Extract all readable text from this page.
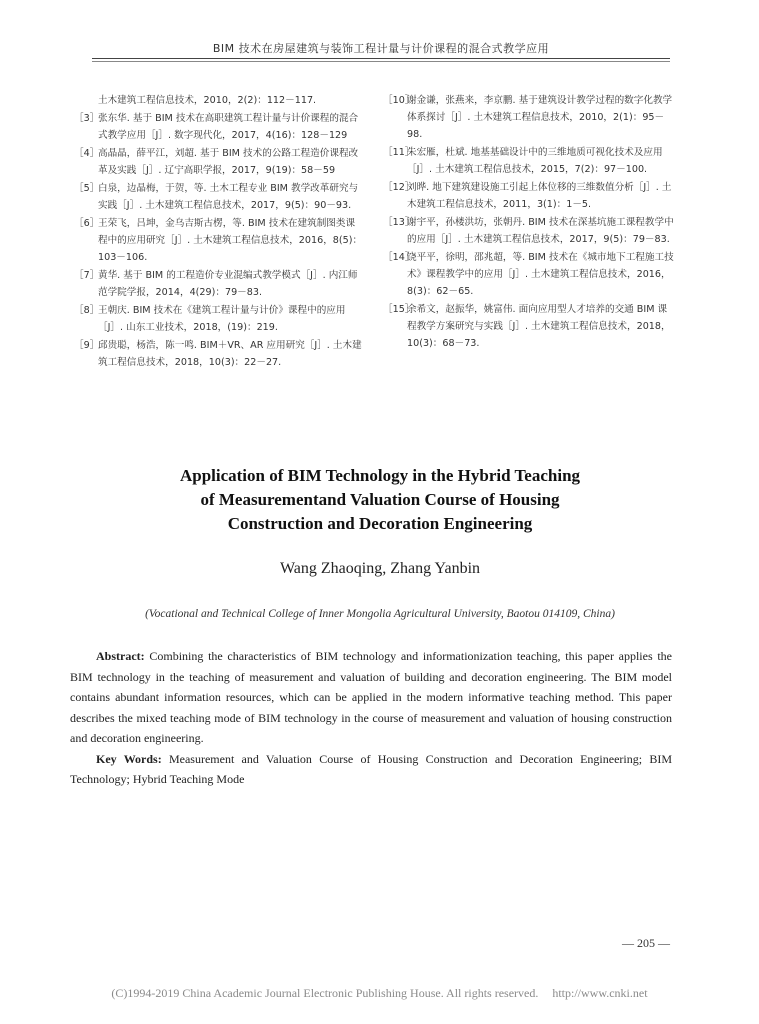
BIM 技术在房屋建筑与装饰工程计量与计价课程的混合式教学应用
土木建筑工程信息技术，2010，2(2)：112－117.
［3］
张东华. 基于 BIM 技术在高职建筑工程计量与计价课程的混合式教学应用［J］. 数字现代化，2017，4(16)：128－129
［4］
高晶晶，薛平江，刘超. 基于 BIM 技术的公路工程造价课程改革及实践［J］. 辽宁高职学报，2017，9(19)：58－59
［5］
白泉，边晶梅，于贺，等. 土木工程专业 BIM 教学改革研究与实践［J］. 土木建筑工程信息技术，2017，9(5)：90－93.
［6］
王荣飞，吕坤，金乌吉斯古楞，等. BIM 技术在建筑制图类课程中的应用研究［J］. 土木建筑工程信息技术，2016，8(5)：103－106.
［7］
黄华. 基于 BIM 的工程造价专业混编式教学模式［J］. 内江师范学院学报，2014，4(29)：79－83.
［8］
王朝庆. BIM 技术在《建筑工程计量与计价》课程中的应用［J］. 山东工业技术，2018，(19)：219.
［9］
邱贵聪，杨浩，陈一鸣. BIM＋VR、AR 应用研究［J］. 土木建筑工程信息技术，2018，10(3)：22－27.
［10］
谢金谦，张燕来，李京鹏. 基于建筑设计教学过程的数字化教学体系探讨［J］. 土木建筑工程信息技术，2010，2(1)：95－98.
［11］
朱宏雁，杜斌. 地基基础设计中的三维地质可视化技术及应用［J］. 土木建筑工程信息技术，2015，7(2)：97－100.
［12］
刘晔. 地下建筑建设施工引起上体位移的三维数值分析［J］. 土木建筑工程信息技术，2011，3(1)：1－5.
［13］
谢宇平，孙楼洪坊，张朝丹. BIM 技术在深基坑施工课程教学中的应用［J］. 土木建筑工程信息技术，2017，9(5)：79－83.
［14］
饶平平，徐明，邵兆超，等. BIM 技术在《城市地下工程施工技术》课程教学中的应用［J］. 土木建筑工程信息技术，2016，8(3)：62－65.
［15］
余希文，赵振华，姚富伟. 面向应用型人才培养的交通 BIM 课程教学方案研究与实践［J］. 土木建筑工程信息技术，2018，10(3)：68－73.
Application of BIM Technology in the Hybrid Teaching
of Measurementand Valuation Course of Housing
Construction and Decoration Engineering
Wang Zhaoqing, Zhang Yanbin
(Vocational and Technical College of Inner Mongolia Agricultural University, Baotou 014109, China)
Abstract: Combining the characteristics of BIM technology and informationization teaching, this paper applies the BIM technology in the teaching of measurement and valuation of building and decoration engineering. The BIM model contains abundant information resources, which can be applied in the modern informative teaching method. This paper describes the mixed teaching mode of BIM technology in the course of measurement and valuation of housing construction and decoration engineering.
Key Words: Measurement and Valuation Course of Housing Construction and Decoration Engineering; BIM Technology; Hybrid Teaching Mode
— 205 —
(C)1994-2019 China Academic Journal Electronic Publishing House. All rights reserved. http://www.cnki.net
